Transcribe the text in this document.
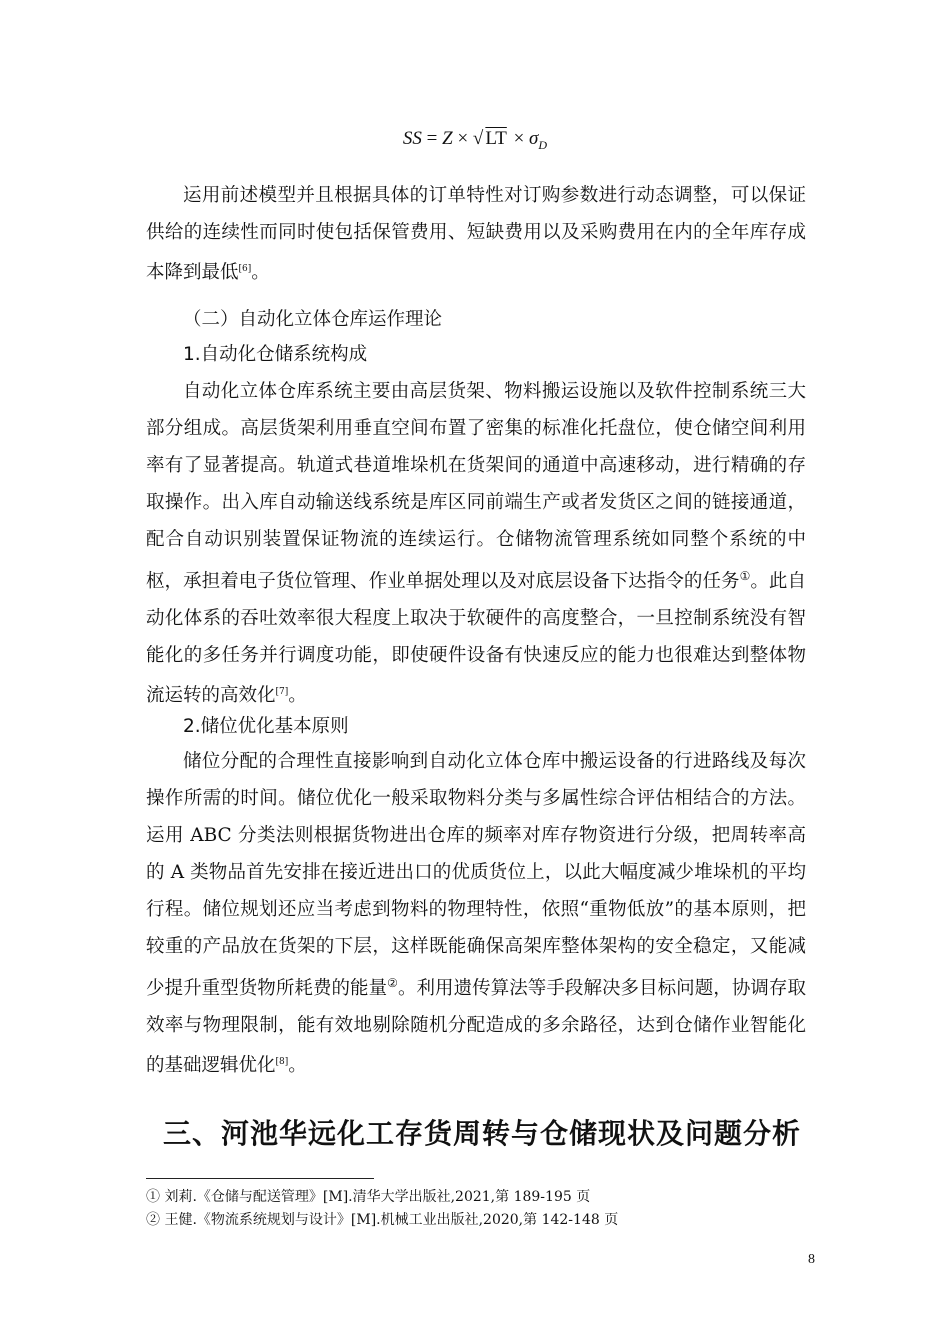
SS = Z × √ LT × $\sigma_D$

运用前述模型并且根据具体的订单特性对订购参数进行动态调整，可以保证供给的连续性而同时使包括保管费用、短缺费用以及采购费用在内的全年库存成本降到最低[6]。

（二）自动化立体仓库运作理论

1.自动化仓储系统构成

自动化立体仓库系统主要由高层货架、物料搬运设施以及软件控制系统三大部分组成。高层货架利用垂直空间布置了密集的标准化托盘位，使仓储空间利用率有了显著提高。轨道式巷道堆垛机在货架间的通道中高速移动，进行精确的存取操作。出入库自动输送线系统是库区同前端生产或者发货区之间的链接通道，配合自动识别装置保证物流的连续运行。仓储物流管理系统如同整个系统的中枢，承担着电子货位管理、作业单据处理以及对底层设备下达指令的任务①。此自动化体系的吞吐效率很大程度上取决于软硬件的高度整合，一旦控制系统没有智能化的多任务并行调度功能，即使硬件设备有快速反应的能力也很难达到整体物流运转的高效化[7]。

2.储位优化基本原则

储位分配的合理性直接影响到自动化立体仓库中搬运设备的行进路线及每次操作所需的时间。储位优化一般采取物料分类与多属性综合评估相结合的方法。运用 ABC 分类法则根据货物进出仓库的频率对库存物资进行分级，把周转率高的 A 类物品首先安排在接近进出口的优质货位上，以此大幅度减少堆垛机的平均行程。储位规划还应当考虑到物料的物理特性，依照“重物低放”的基本原则，把较重的产品放在货架的下层，这样既能确保高架库整体架构的安全稳定，又能减少提升重型货物所耗费的能量②。利用遗传算法等手段解决多目标问题，协调存取效率与物理限制，能有效地剔除随机分配造成的多余路径，达到仓储作业智能化的基础逻辑优化[8]。

三、河池华远化工存货周转与仓储现状及问题分析

① 刘莉.《仓储与配送管理》[M].清华大学出版社,2021,第 189-195 页

② 王健.《物流系统规划与设计》[M].机械工业出版社,2020,第 142-148 页

8
